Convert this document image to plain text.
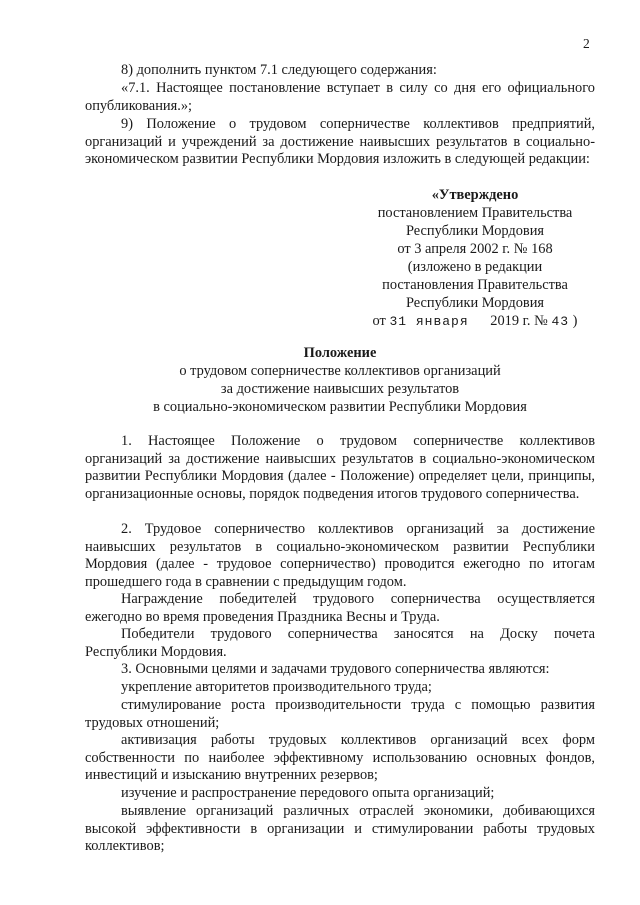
2

8) дополнить пунктом 7.1 следующего содержания:

«7.1. Настоящее постановление вступает в силу со дня его официального опубликования.»;

9) Положение о трудовом соперничестве коллективов предприятий, организаций и учреждений за достижение наивысших результатов в социально-экономическом развитии Республики Мордовия изложить в следующей редакции:

«Утверждено

постановлением Правительства

Республики Мордовия

от 3 апреля 2002 г. № 168

(изложено в редакции

постановления Правительства

Республики Мордовия

от 31 января 2019 г. № 43 )

Положение

о трудовом соперничестве коллективов организаций

за достижение наивысших результатов

в социально-экономическом развитии Республики Мордовия

1. Настоящее Положение о трудовом соперничестве коллективов организаций за достижение наивысших результатов в социально-экономическом развитии Республики Мордовия (далее - Положение) определяет цели, принципы, организационные основы, порядок подведения итогов трудового соперничества.

2. Трудовое соперничество коллективов организаций за достижение наивысших результатов в социально-экономическом развитии Республики Мордовия (далее - трудовое соперничество) проводится ежегодно по итогам прошедшего года в сравнении с предыдущим годом.

Награждение победителей трудового соперничества осуществляется ежегодно во время проведения Праздника Весны и Труда.

Победители трудового соперничества заносятся на Доску почета Республики Мордовия.

3. Основными целями и задачами трудового соперничества являются:

укрепление авторитетов производительного труда;

стимулирование роста производительности труда с помощью развития трудовых отношений;

активизация работы трудовых коллективов организаций всех форм собственности по наиболее эффективному использованию основных фондов, инвестиций и изысканию внутренних резервов;

изучение и распространение передового опыта организаций;

выявление организаций различных отраслей экономики, добивающихся высокой эффективности в организации и стимулировании работы трудовых коллективов;
